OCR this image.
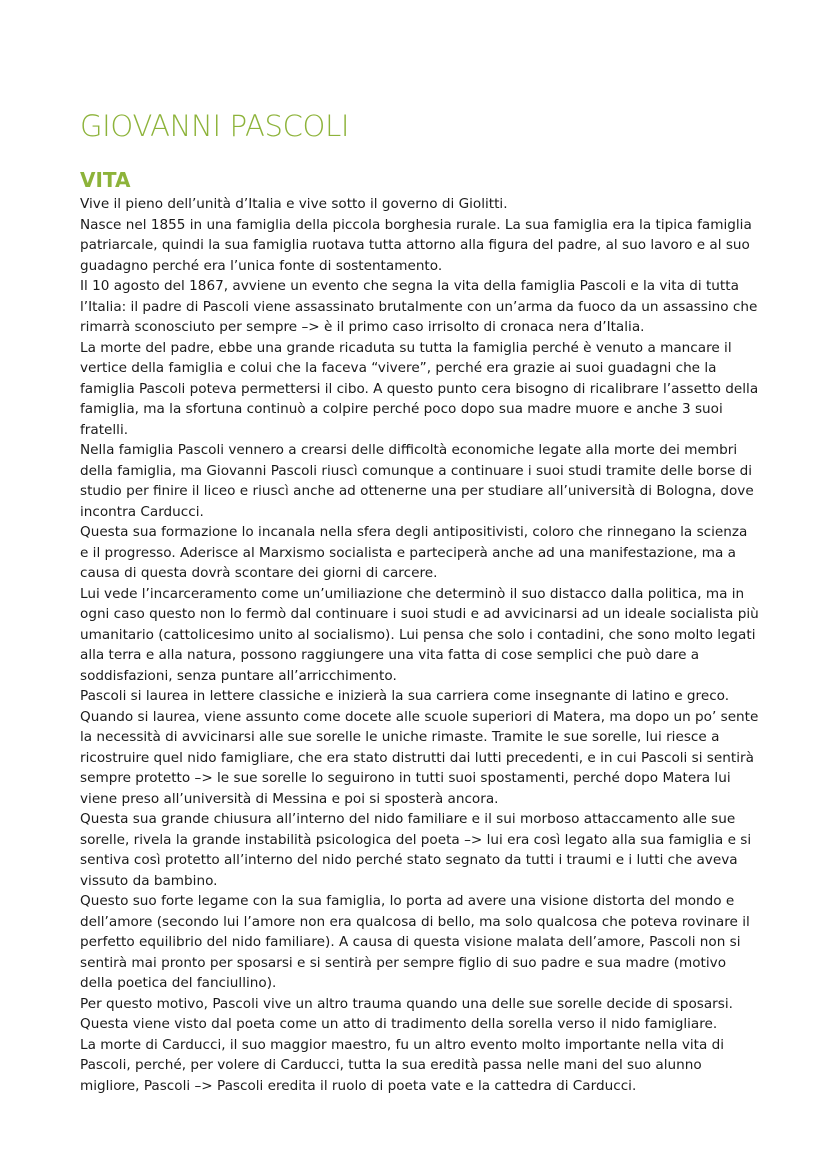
GIOVANNI PASCOLI
VITA

Vive il pieno dell’unità d’Italia e vive sotto il governo di Giolitti.

Nasce nel 1855 in una famiglia della piccola borghesia rurale. La sua famiglia era la tipica famiglia patriarcale, quindi la sua famiglia ruotava tutta attorno alla figura del padre, al suo lavoro e al suo guadagno perché era l’unica fonte di sostentamento.

Il 10 agosto del 1867, avviene un evento che segna la vita della famiglia Pascoli e la vita di tutta l’Italia: il padre di Pascoli viene assassinato brutalmente con un’arma da fuoco da un assassino che rimarrà sconosciuto per sempre –> è il primo caso irrisolto di cronaca nera d’Italia.

La morte del padre, ebbe una grande ricaduta su tutta la famiglia perché è venuto a mancare il vertice della famiglia e colui che la faceva “vivere”, perché era grazie ai suoi guadagni che la famiglia Pascoli poteva permettersi il cibo. A questo punto cera bisogno di ricalibrare l’assetto della famiglia, ma la sfortuna continuò a colpire perché poco dopo sua madre muore e anche 3 suoi fratelli.

Nella famiglia Pascoli vennero a crearsi delle difficoltà economiche legate alla morte dei membri della famiglia, ma Giovanni Pascoli riuscì comunque a continuare i suoi studi tramite delle borse di studio per finire il liceo e riuscì anche ad ottenerne una per studiare all’università di Bologna, dove incontra Carducci.

Questa sua formazione lo incanala nella sfera degli antipositivisti, coloro che rinnegano la scienza e il progresso. Aderisce al Marxismo socialista e parteciperà anche ad una manifestazione, ma a causa di questa dovrà scontare dei giorni di carcere.

Lui vede l’incarceramento come un’umiliazione che determinò il suo distacco dalla politica, ma in ogni caso questo non lo fermò dal continuare i suoi studi e ad avvicinarsi ad un ideale socialista più umanitario (cattolicesimo unito al socialismo). Lui pensa che solo i contadini, che sono molto legati alla terra e alla natura, possono raggiungere una vita fatta di cose semplici che può dare a soddisfazioni, senza puntare all’arricchimento.

Pascoli si laurea in lettere classiche e inizierà la sua carriera come insegnante di latino e greco. Quando si laurea, viene assunto come docete alle scuole superiori di Matera, ma dopo un po’ sente la necessità di avvicinarsi alle sue sorelle le uniche rimaste. Tramite le sue sorelle, lui riesce a ricostruire quel nido famigliare, che era stato distrutti dai lutti precedenti, e in cui Pascoli si sentirà sempre protetto –> le sue sorelle lo seguirono in tutti suoi spostamenti, perché dopo Matera lui viene preso all’università di Messina e poi si sposterà ancora.

Questa sua grande chiusura all’interno del nido familiare e il sui morboso attaccamento alle sue sorelle, rivela la grande instabilità psicologica del poeta –> lui era così legato alla sua famiglia e si sentiva così protetto all’interno del nido perché stato segnato da tutti i traumi e i lutti che aveva vissuto da bambino.

Questo suo forte legame con la sua famiglia, lo porta ad avere una visione distorta del mondo e dell’amore (secondo lui l’amore non era qualcosa di bello, ma solo qualcosa che poteva rovinare il perfetto equilibrio del nido familiare). A causa di questa visione malata dell’amore, Pascoli non si sentirà mai pronto per sposarsi e si sentirà per sempre figlio di suo padre e sua madre (motivo della poetica del fanciullino).

Per questo motivo, Pascoli vive un altro trauma quando una delle sue sorelle decide di sposarsi. Questa viene visto dal poeta come un atto di tradimento della sorella verso il nido famigliare.

La morte di Carducci, il suo maggior maestro, fu un altro evento molto importante nella vita di Pascoli, perché, per volere di Carducci, tutta la sua eredità passa nelle mani del suo alunno migliore, Pascoli –> Pascoli eredita il ruolo di poeta vate e la cattedra di Carducci.
